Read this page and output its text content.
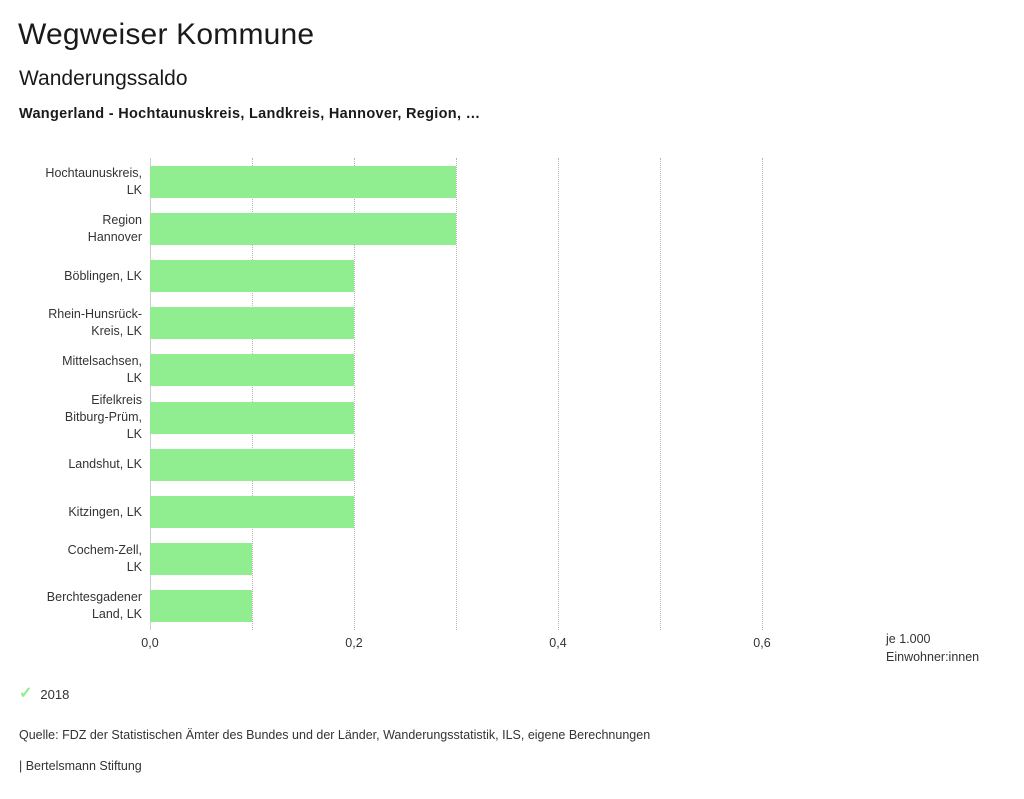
Wegweiser Kommune
Wanderungssaldo
Wangerland - Hochtaunuskreis, Landkreis, Hannover, Region, …
Hochtaunuskreis,
LK
Region
Hannover
Böblingen, LK
Rhein-Hunsrück-
Kreis, LK
Mittelsachsen,
LK
Eifelkreis
Bitburg-Prüm,
LK
Landshut, LK
Kitzingen, LK
Cochem-Zell,
LK
Berchtesgadener
Land, LK
0,0	0,2	0,4	0,6	je 1.000
Einwohner:innen
✓ 2018
Quelle: FDZ der Statistischen Ämter des Bundes und der Länder, Wanderungsstatistik, ILS, eigene Berechnungen
| Bertelsmann Stiftung
